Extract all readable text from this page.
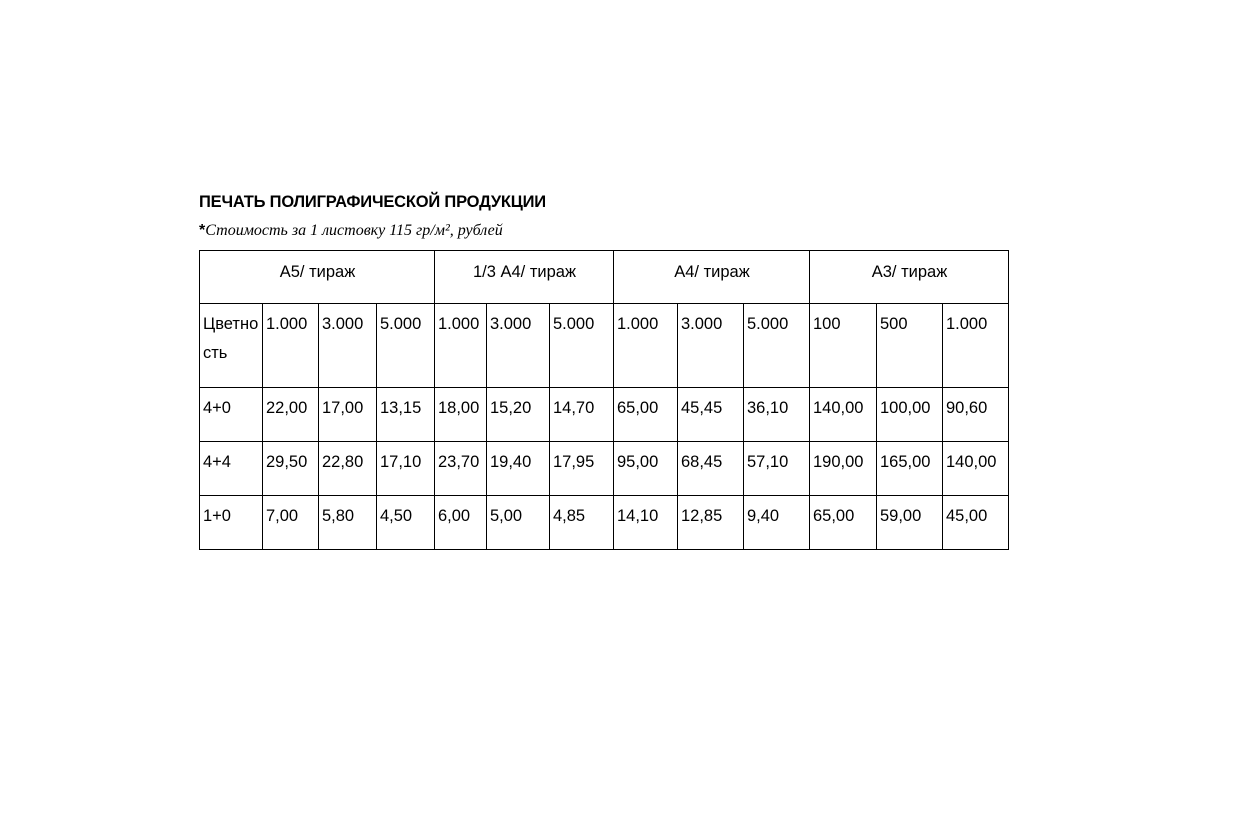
ПЕЧАТЬ ПОЛИГРАФИЧЕСКОЙ ПРОДУКЦИИ
*Стоимость за 1 листовку 115 гр/м², рублей
А5/ тираж				1/3 А4/ тираж			А4/ тираж			А3/ тираж		

Цветность	1.000	3.000	5.000	1.000	3.000	5.000	1.000	3.000	5.000	100	500	1.000

4+0	22,00	17,00	13,15	18,00	15,20	14,70	65,00	45,45	36,10	140,00	100,00	90,60

4+4	29,50	22,80	17,10	23,70	19,40	17,95	95,00	68,45	57,10	190,00	165,00	140,00

1+0	7,00	5,80	4,50	6,00	5,00	4,85	14,10	12,85	9,40	65,00	59,00	45,00
